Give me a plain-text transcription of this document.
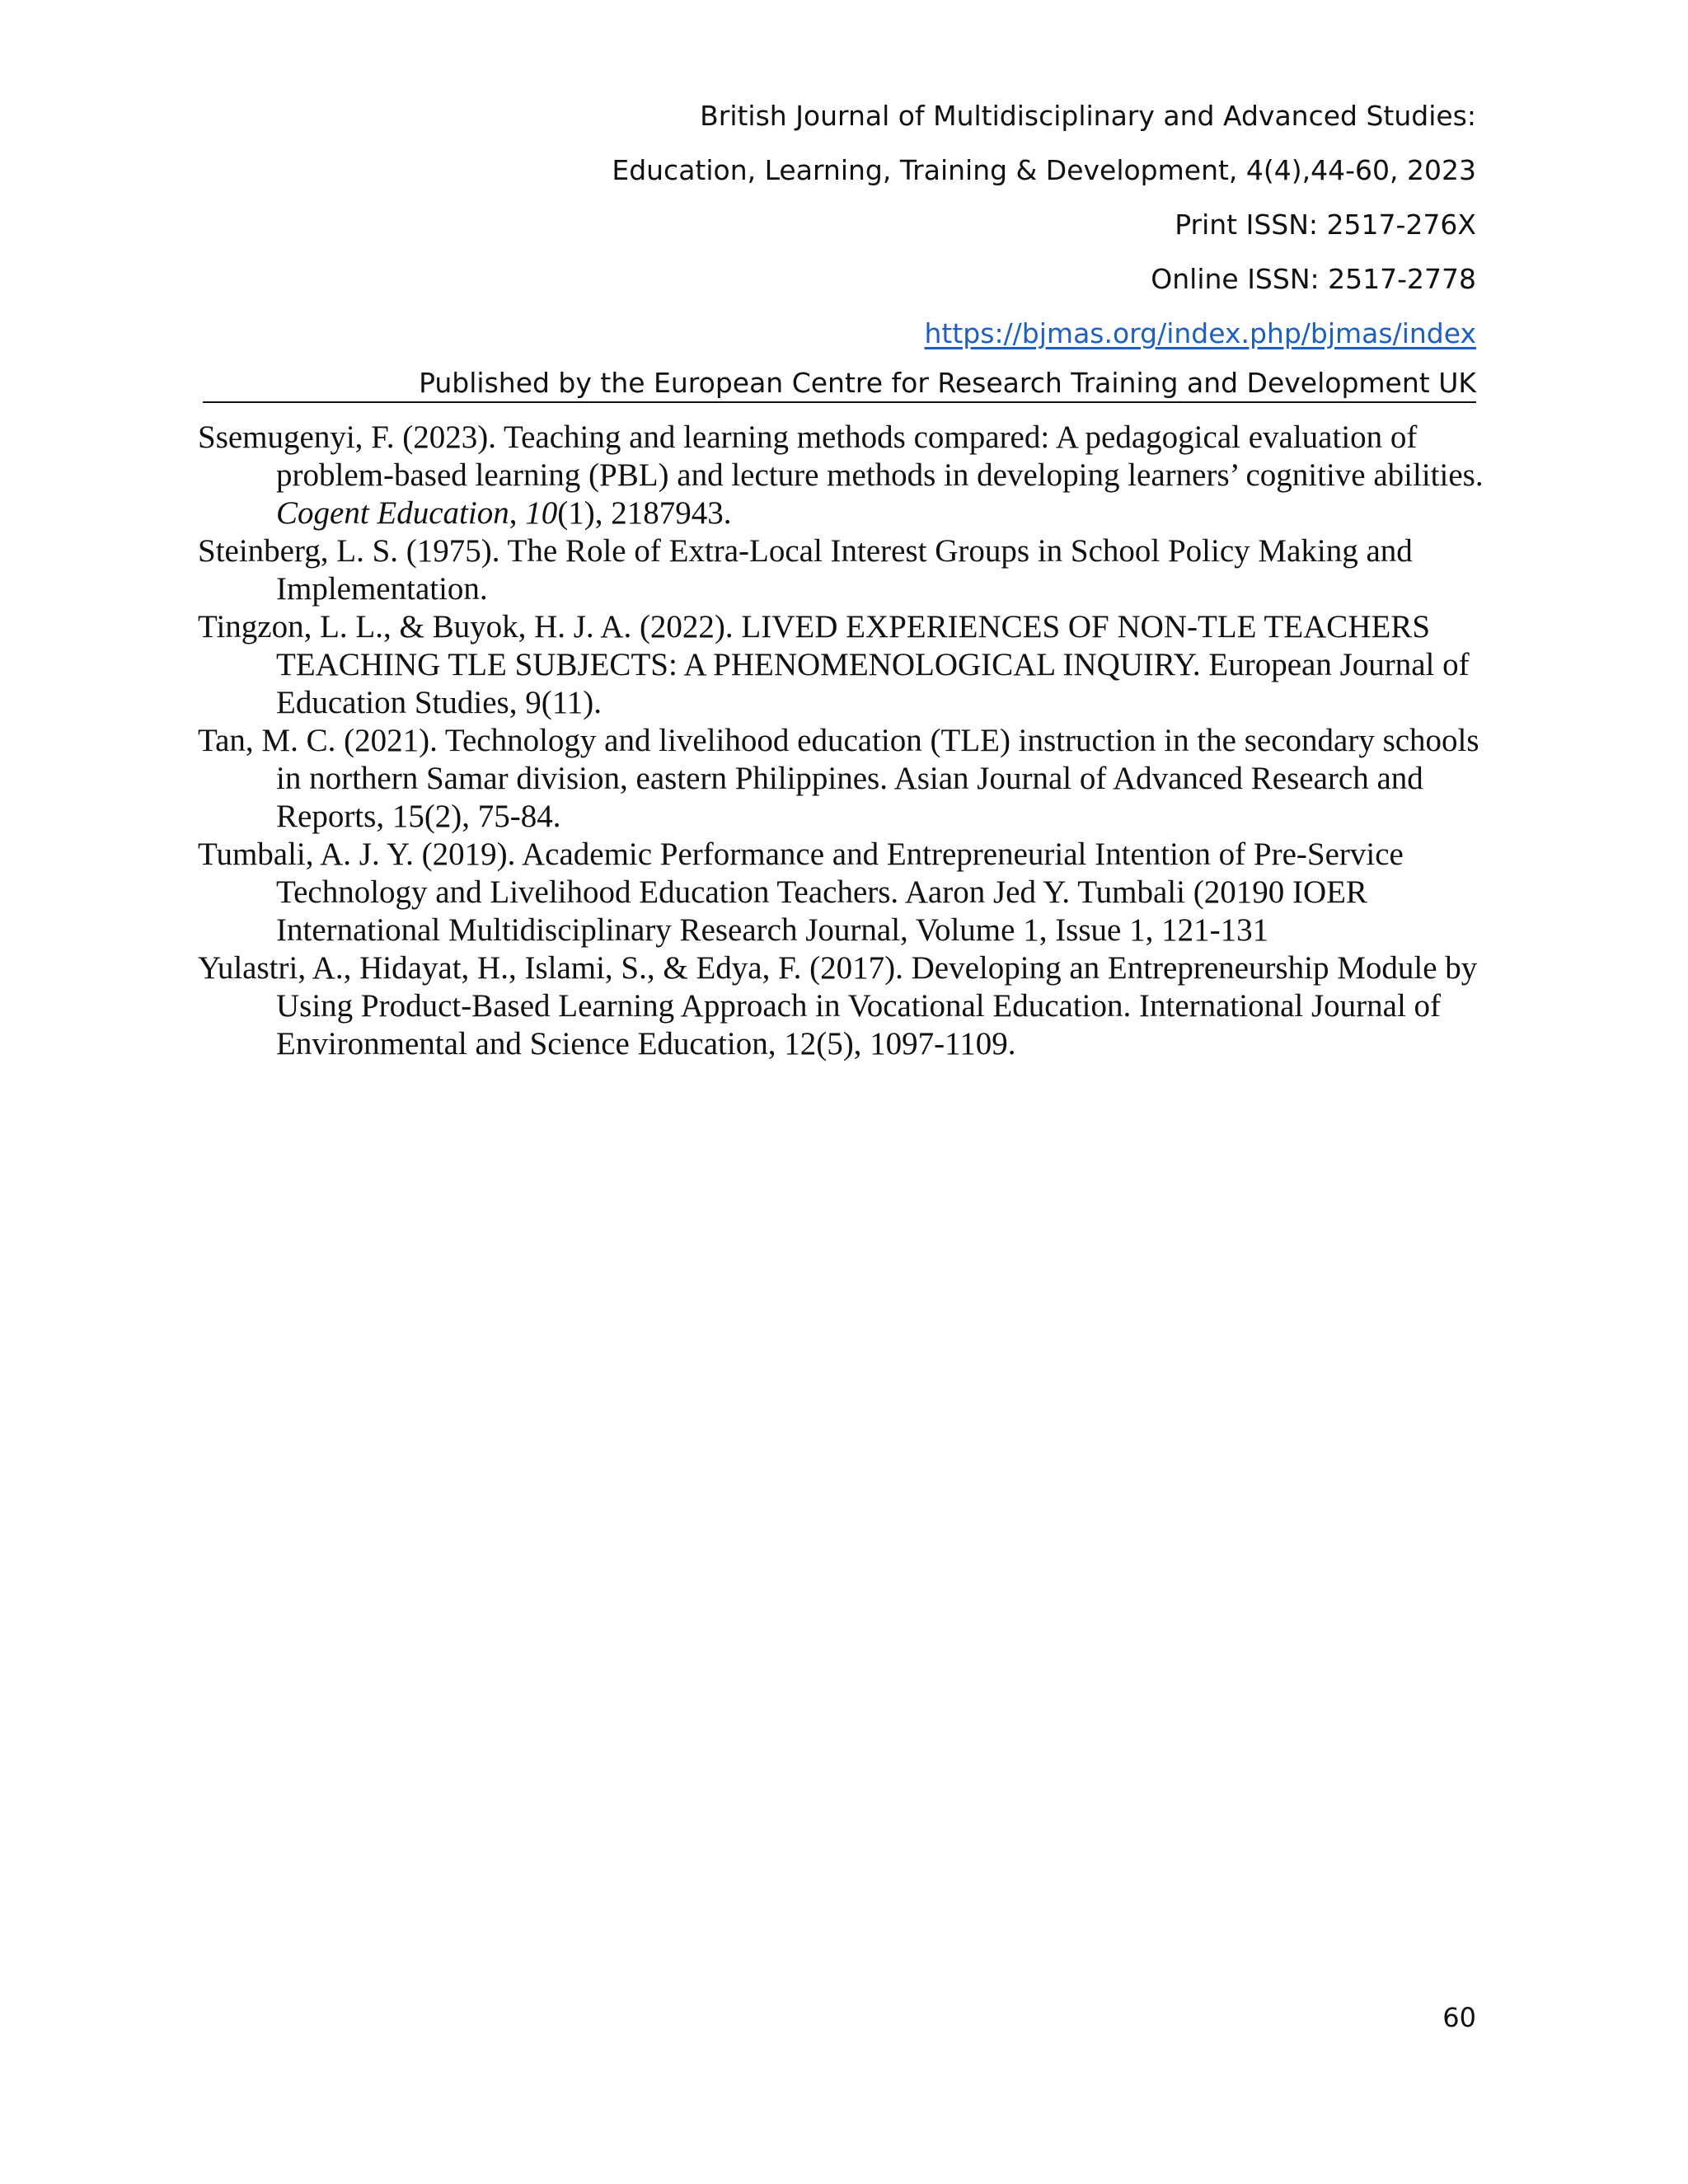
British Journal of Multidisciplinary and Advanced Studies:
Education, Learning, Training & Development, 4(4),44-60, 2023
Print ISSN: 2517-276X
Online ISSN: 2517-2778
https://bjmas.org/index.php/bjmas/index
Published by the European Centre for Research Training and Development UK

Ssemugenyi, F. (2023). Teaching and learning methods compared: A pedagogical evaluation of problem-based learning (PBL) and lecture methods in developing learners’ cognitive abilities. Cogent Education, 10(1), 2187943.

Steinberg, L. S. (1975). The Role of Extra-Local Interest Groups in School Policy Making and Implementation.

Tingzon, L. L., & Buyok, H. J. A. (2022). LIVED EXPERIENCES OF NON-TLE TEACHERS TEACHING TLE SUBJECTS: A PHENOMENOLOGICAL INQUIRY. European Journal of Education Studies, 9(11).

Tan, M. C. (2021). Technology and livelihood education (TLE) instruction in the secondary schools in northern Samar division, eastern Philippines. Asian Journal of Advanced Research and Reports, 15(2), 75-84.

Tumbali, A. J. Y. (2019). Academic Performance and Entrepreneurial Intention of Pre-Service Technology and Livelihood Education Teachers. Aaron Jed Y. Tumbali (20190 IOER International Multidisciplinary Research Journal, Volume 1, Issue 1, 121-131

Yulastri, A., Hidayat, H., Islami, S., & Edya, F. (2017). Developing an Entrepreneurship Module by Using Product-Based Learning Approach in Vocational Education. International Journal of Environmental and Science Education, 12(5), 1097-1109.

60
